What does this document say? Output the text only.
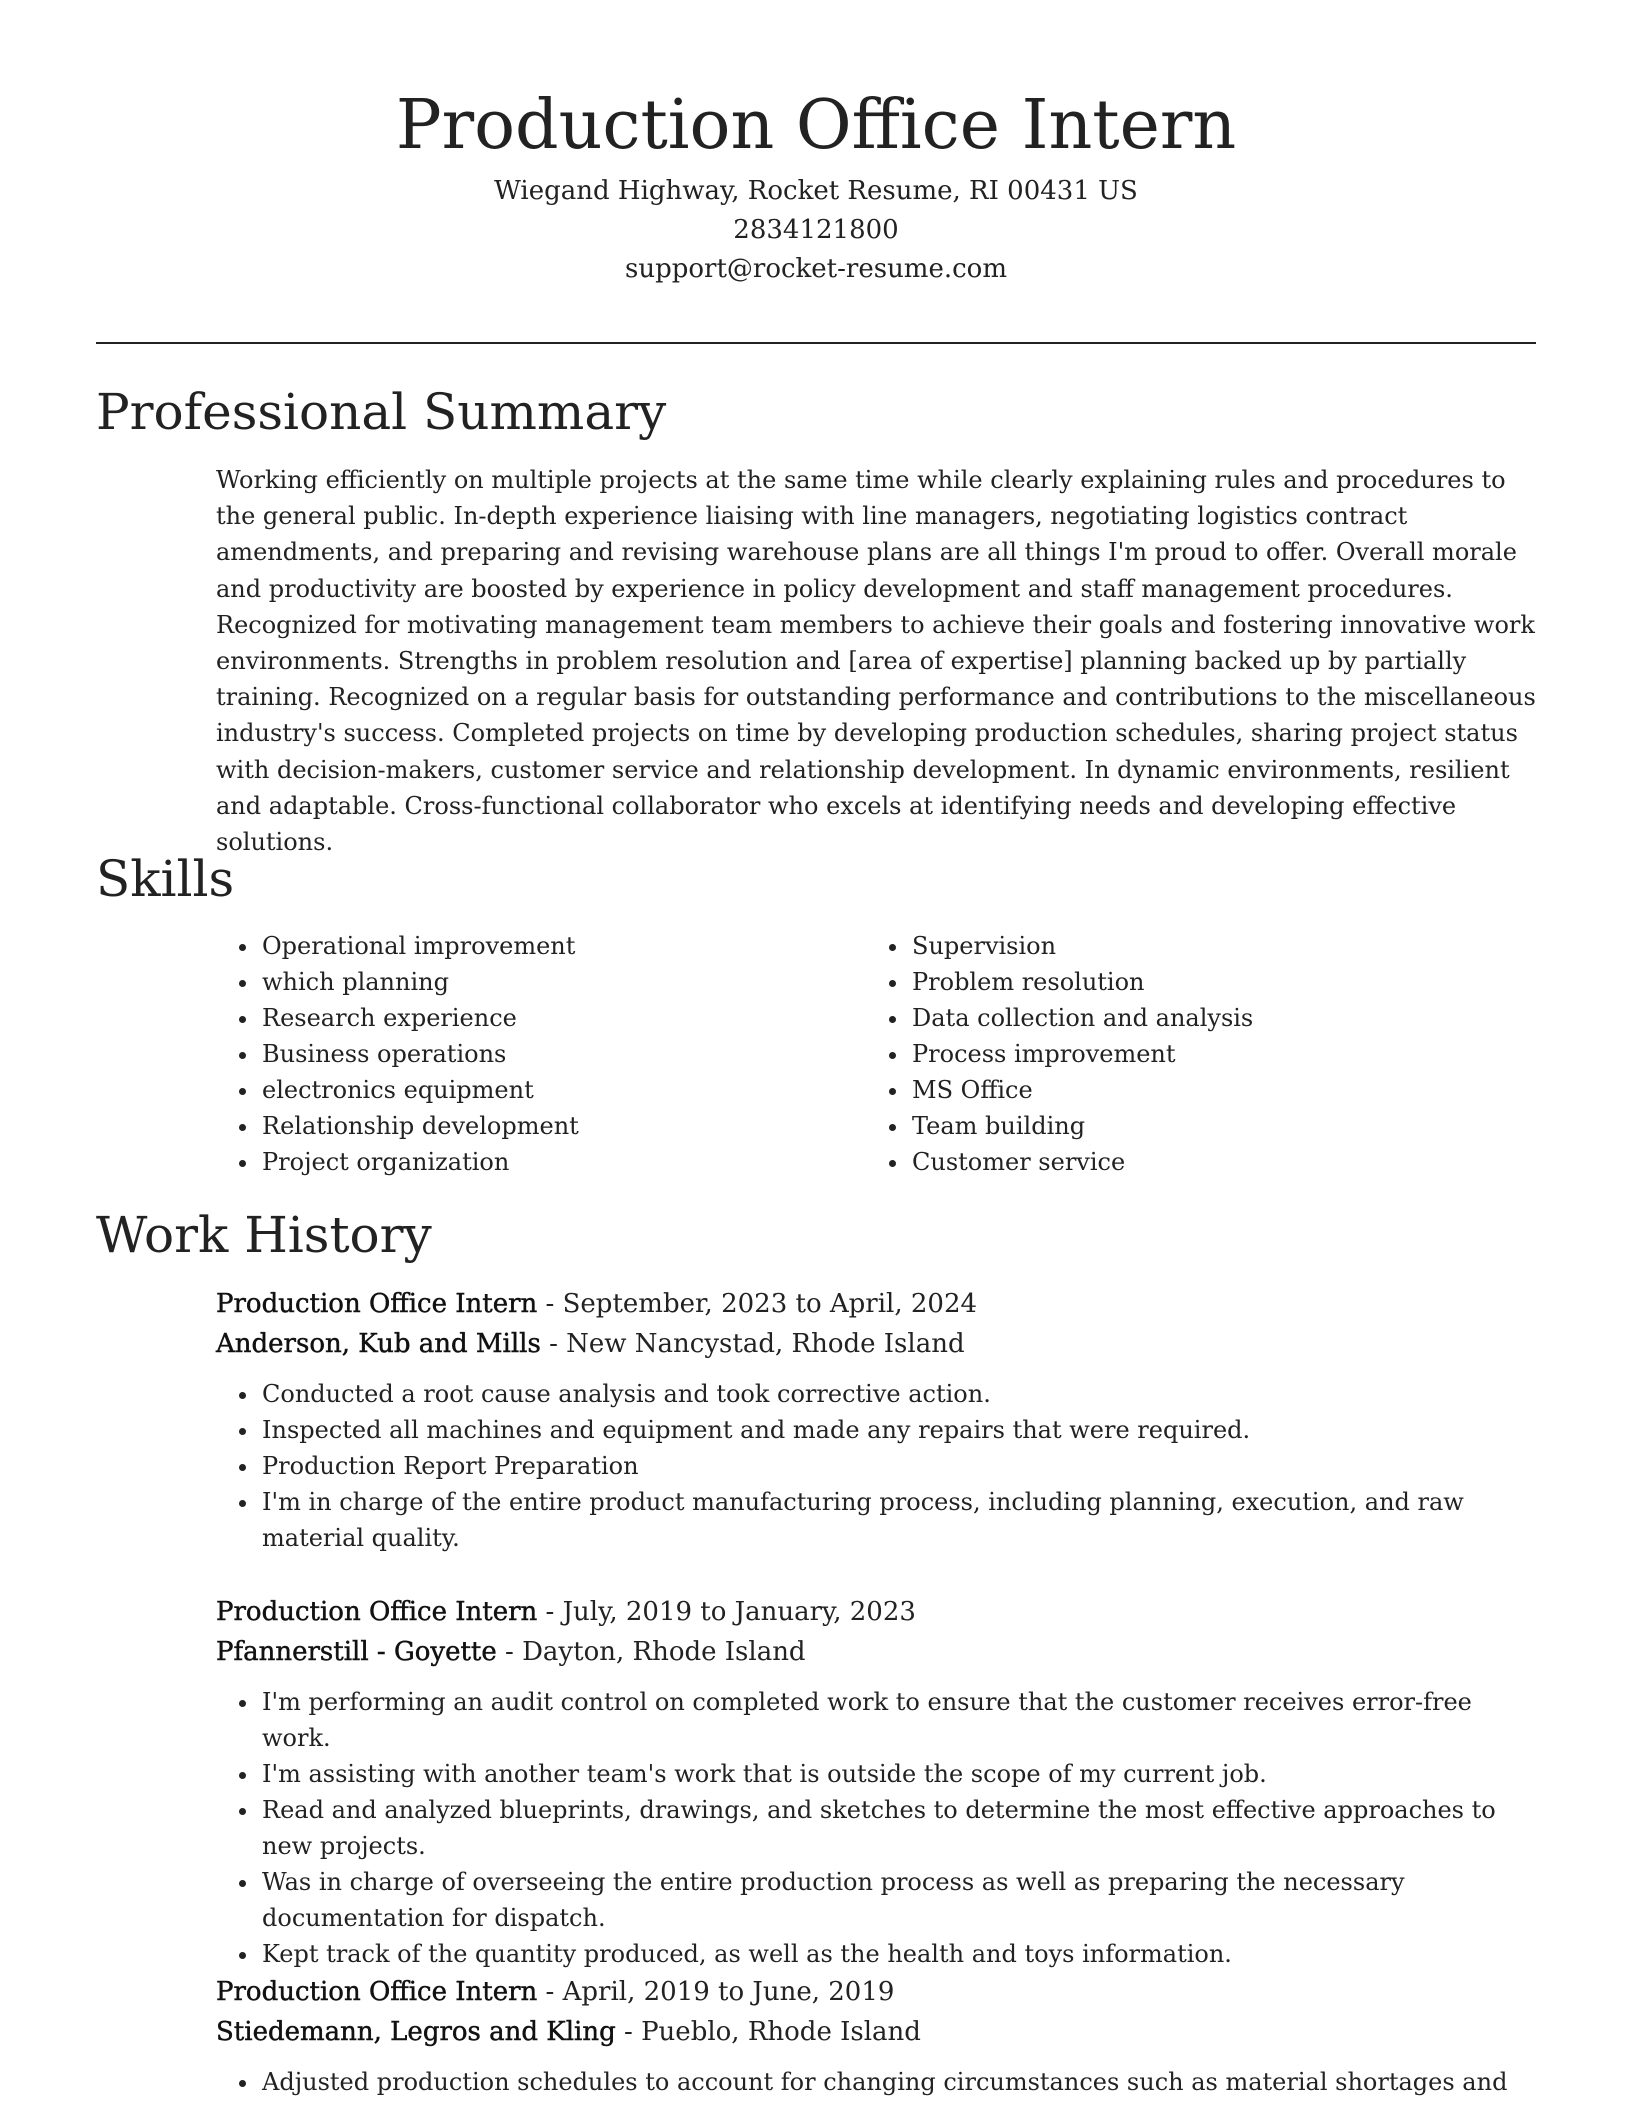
Production Office Intern

Wiegand Highway, Rocket Resume, RI 00431 US

2834121800

support@rocket-resume.com

Professional Summary

Working efficiently on multiple projects at the same time while clearly explaining rules and procedures to the general public. In-depth experience liaising with line managers, negotiating logistics contract amendments, and preparing and revising warehouse plans are all things I'm proud to offer. Overall morale and productivity are boosted by experience in policy development and staff management procedures. Recognized for motivating management team members to achieve their goals and fostering innovative work environments. Strengths in problem resolution and [area of expertise] planning backed up by partially training. Recognized on a regular basis for outstanding performance and contributions to the miscellaneous industry's success. Completed projects on time by developing production schedules, sharing project status with decision-makers, customer service and relationship development. In dynamic environments, resilient and adaptable. Cross-functional collaborator who excels at identifying needs and developing effective solutions.

Skills
• Operational improvement
• which planning
• Research experience
• Business operations
• electronics equipment
• Relationship development
• Project organization
• Supervision
• Problem resolution
• Data collection and analysis
• Process improvement
• MS Office
• Team building
• Customer service
Work History

Production Office Intern - September, 2023 to April, 2024

Anderson, Kub and Mills - New Nancystad, Rhode Island

• Conducted a root cause analysis and took corrective action.
• Inspected all machines and equipment and made any repairs that were required.
• Production Report Preparation
• I'm in charge of the entire product manufacturing process, including planning, execution, and raw material quality.

Production Office Intern - July, 2019 to January, 2023

Pfannerstill - Goyette - Dayton, Rhode Island

• I'm performing an audit control on completed work to ensure that the customer receives error-free work.
• I'm assisting with another team's work that is outside the scope of my current job.
• Read and analyzed blueprints, drawings, and sketches to determine the most effective approaches to new projects.
• Was in charge of overseeing the entire production process as well as preparing the necessary documentation for dispatch.
• Kept track of the quantity produced, as well as the health and toys information.

Production Office Intern - April, 2019 to June, 2019

Stiedemann, Legros and Kling - Pueblo, Rhode Island

• Adjusted production schedules to account for changing circumstances such as material shortages and
